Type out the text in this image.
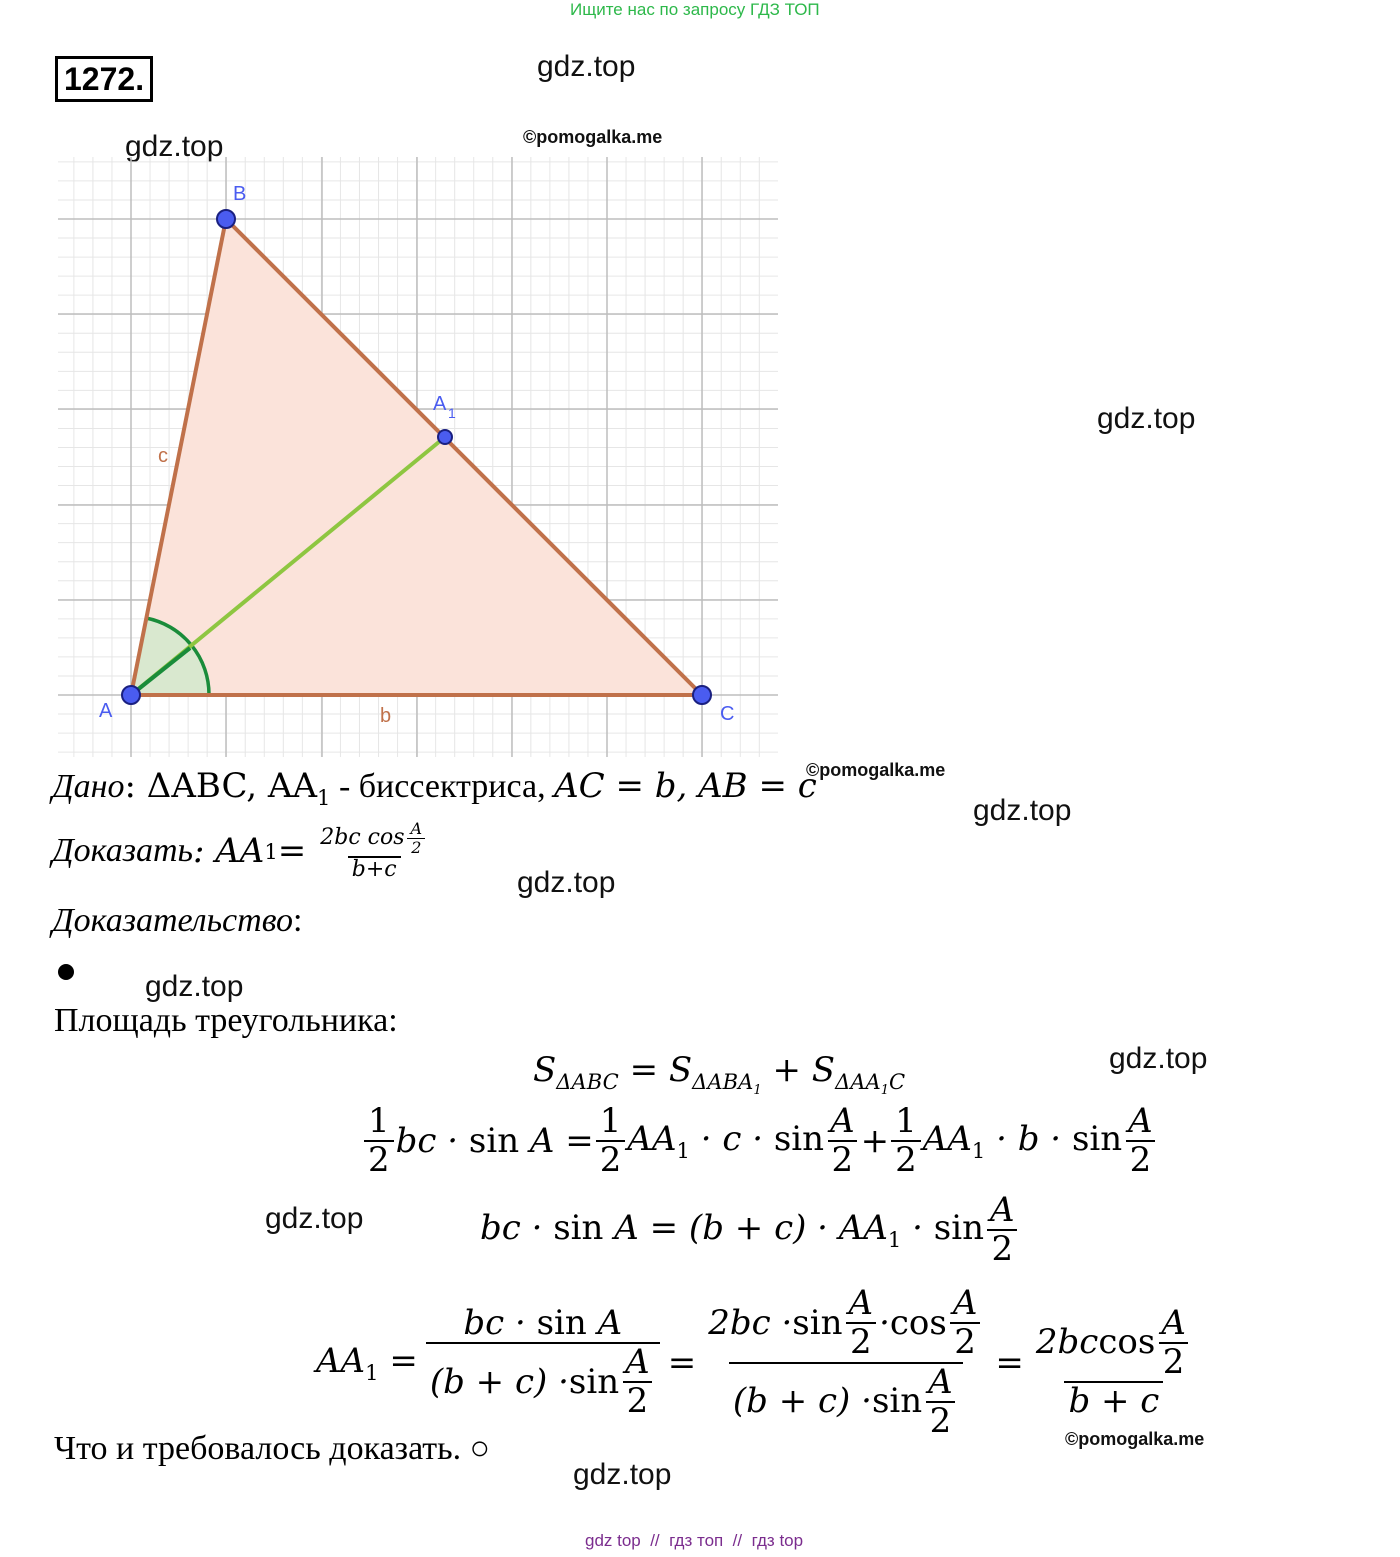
Ищите нас по запросу ГДЗ ТОП
1272.	gdz.top
gdz.top
gdz.top
gdz.top
gdz.top
gdz.top
gdz.top
gdz.top
gdz.top
©pomogalka.me
©pomogalka.me
©pomogalka.me
A
B
C
A 1
b
c
Дано: ΔABC, $AA_1$ - биссектриса, AC = b, AB = c
Доказать : AA $1 = \frac{2bc \cos \frac{A}{2}}{b+c}$
Доказательство:
Площадь треугольника:
$S_{\Delta ABC} = S_{\Delta ABA_1} + S_{\Delta AA_1C}$
$\frac{1}{2}$ bc · $\sin A = \frac{1}{2} AA_1 \cdot c \cdot \sin \frac{A}{2} + \frac{1}{2} AA_1 \cdot b \cdot \sin \frac{A}{2}$
bc · $\sin A = (b + c) \cdot AA_1 \cdot \sin \frac{A}{2}$
$AA_1 = \frac{\text{bc · sin A}}{(b + c) \cdot \sin \frac{A}{2}} = \frac{2bc \cdot \sin \frac{A}{2} \cdot \cos \frac{A}{2}}{(b + c) \cdot \sin \frac{A}{2}} = \frac{2bc \cos \frac{A}{2}}{b + c}$
Что и требовалось доказать. ○
gdz top  //  гдз топ  //  гдз top
